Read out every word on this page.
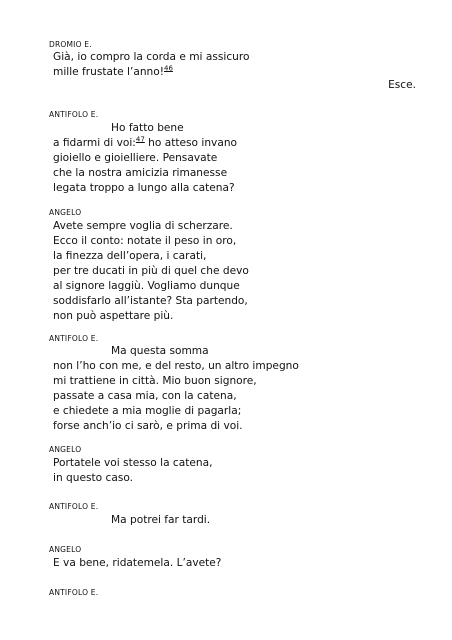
DROMIO E.
Già, io compro la corda e mi assicuro
mille frustate l’anno!$^{46}$
Esce.
ANTIFOLO E.
Ho fatto bene
a fidarmi di voi:$^{47}$ ho atteso invano
gioiello e gioielliere. Pensavate
che la nostra amicizia rimanesse
legata troppo a lungo alla catena?
ANGELO
Avete sempre voglia di scherzare.
Ecco il conto: notate il peso in oro,
la finezza dell’opera, i carati,
per tre ducati in più di quel che devo
al signore laggiù. Vogliamo dunque
soddisfarlo all’istante? Sta partendo,
non può aspettare più.
ANTIFOLO E.
Ma questa somma
non l’ho con me, e del resto, un altro impegno
mi trattiene in città. Mio buon signore,
passate a casa mia, con la catena,
e chiedete a mia moglie di pagarla;
forse anch’io ci sarò, e prima di voi.
ANGELO
Portatele voi stesso la catena,
in questo caso.
ANTIFOLO E.
Ma potrei far tardi.
ANGELO
E va bene, ridatemela. L’avete?
ANTIFOLO E.
